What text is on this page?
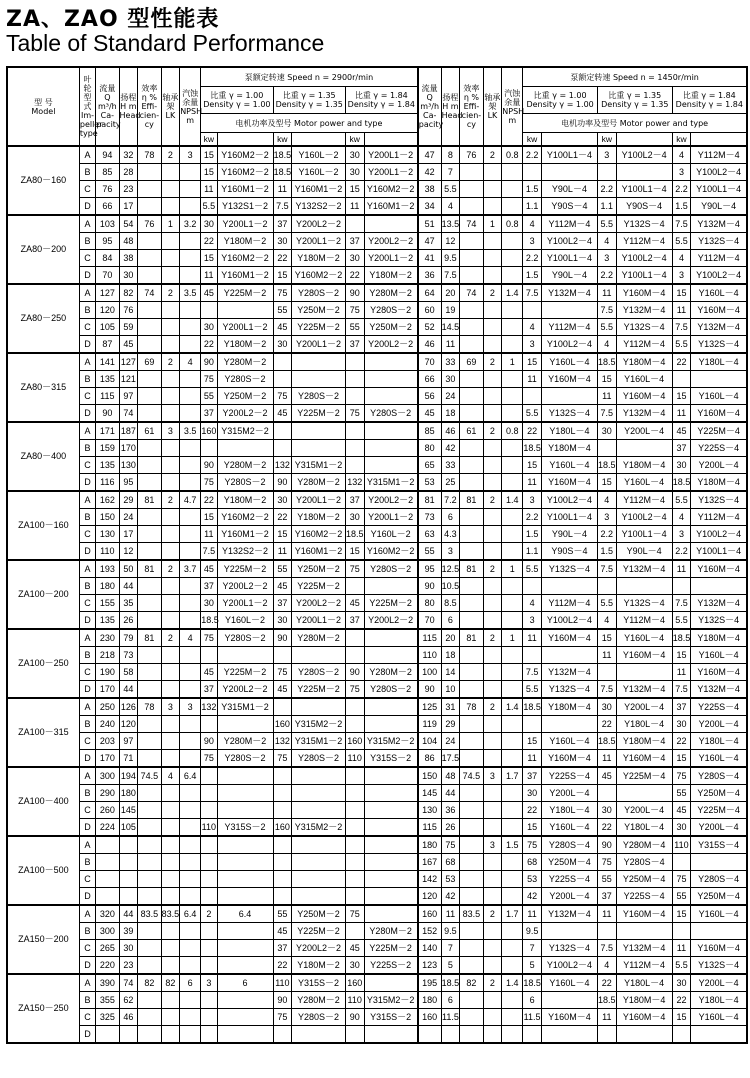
ZA、ZAO 型性能表
Table of Standard Performance
型 号
Model	叶轮型式 Im-peller type	流量 Q m³/h Ca-pacity	扬程 H m Head	效率 η % Effi-cien-cy	轴承架 LK	汽蚀余量 NPSH m	泵额定转速 Speed n = 2900r/min						流量 Q m³/h Ca-pacity	扬程 H m Head	效率 η % Effi-cien-cy	轴承架 LK	汽蚀余量 NPSH m	泵额定转速 Speed n = 1450r/min					
							比重 γ = 1.00 Density γ = 1.00		比重 γ = 1.35 Density γ = 1.35		比重 γ = 1.84 Density γ = 1.84							比重 γ = 1.00 Density γ = 1.00		比重 γ = 1.35 Density γ = 1.35		比重 γ = 1.84 Density γ = 1.84	
							电机功率及型号 Motor power and type											电机功率及型号 Motor power and type					
							kw		kw		kw							kw		kw		kw	
ZA80－160	A	94	32	78	2	3	15	Y160M2－2	18.5	Y160L－2	30	Y200L1－2	47	8	76	2	0.8	2.2	Y100L1－4	3	Y100L2－4	4	Y112M－4
	B	85	28				15	Y160M2－2	18.5	Y160L－2	30	Y200L1－2	42	7								3	Y100L2－4
	C	76	23				11	Y160M1－2	11	Y160M1－2	15	Y160M2－2	38	5.5				1.5	Y90L－4	2.2	Y100L1－4	2.2	Y100L1－4
	D	66	17				5.5	Y132S1－2	7.5	Y132S2－2	11	Y160M1－2	34	4				1.1	Y90S－4	1.1	Y90S－4	1.5	Y90L－4
ZA80－200	A	103	54	76	1	3.2	30	Y200L1－2	37	Y200L2－2			51	13.5	74	1	0.8	4	Y112M－4	5.5	Y132S－4	7.5	Y132M－4
	B	95	48				22	Y180M－2	30	Y200L1－2	37	Y200L2－2	47	12				3	Y100L2－4	4	Y112M－4	5.5	Y132S－4
	C	84	38				15	Y160M2－2	22	Y180M－2	30	Y200L1－2	41	9.5				2.2	Y100L1－4	3	Y100L2－4	4	Y112M－4
	D	70	30				11	Y160M1－2	15	Y160M2－2	22	Y180M－2	36	7.5				1.5	Y90L－4	2.2	Y100L1－4	3	Y100L2－4
ZA80－250	A	127	82	74	2	3.5	45	Y225M－2	75	Y280S－2	90	Y280M－2	64	20	74	2	1.4	7.5	Y132M－4	11	Y160M－4	15	Y160L－4
	B	120	76						55	Y250M－2	75	Y280S－2	60	19						7.5	Y132M－4	11	Y160M－4
	C	105	59				30	Y200L1－2	45	Y225M－2	55	Y250M－2	52	14.5				4	Y112M－4	5.5	Y132S－4	7.5	Y132M－4
	D	87	45				22	Y180M－2	30	Y200L1－2	37	Y200L2－2	46	11				3	Y100L2－4	4	Y112M－4	5.5	Y132S－4
ZA80－315	A	141	127	69	2	4	90	Y280M－2					70	33	69	2	1	15	Y160L－4	18.5	Y180M－4	22	Y180L－4
	B	135	121				75	Y280S－2					66	30				11	Y160M－4	15	Y160L－4		
	C	115	97				55	Y250M－2	75	Y280S－2			56	24						11	Y160M－4	15	Y160L－4
	D	90	74				37	Y200L2－2	45	Y225M－2	75	Y280S－2	45	18				5.5	Y132S－4	7.5	Y132M－4	11	Y160M－4
ZA80－400	A	171	187	61	3	3.5	160	Y315M2－2					85	46	61	2	0.8	22	Y180L－4	30	Y200L－4	45	Y225M－4
	B	159	170										80	42				18.5	Y180M－4			37	Y225S－4
	C	135	130				90	Y280M－2	132	Y315M1－2			65	33				15	Y160L－4	18.5	Y180M－4	30	Y200L－4
	D	116	95				75	Y280S－2	90	Y280M－2	132	Y315M1－2	53	25				11	Y160M－4	15	Y160L－4	18.5	Y180M－4
ZA100－160	A	162	29	81	2	4.7	22	Y180M－2	30	Y200L1－2	37	Y200L2－2	81	7.2	81	2	1.4	3	Y100L2－4	4	Y112M－4	5.5	Y132S－4
	B	150	24				15	Y160M2－2	22	Y180M－2	30	Y200L1－2	73	6				2.2	Y100L1－4	3	Y100L2－4	4	Y112M－4
	C	130	17				11	Y160M1－2	15	Y160M2－2	18.5	Y160L－2	63	4.3				1.5	Y90L－4	2.2	Y100L1－4	3	Y100L2－4
	D	110	12				7.5	Y132S2－2	11	Y160M1－2	15	Y160M2－2	55	3				1.1	Y90S－4	1.5	Y90L－4	2.2	Y100L1－4
ZA100－200	A	193	50	81	2	3.7	45	Y225M－2	55	Y250M－2	75	Y280S－2	95	12.5	81	2	1	5.5	Y132S－4	7.5	Y132M－4	11	Y160M－4
	B	180	44				37	Y200L2－2	45	Y225M－2			90	10.5									
	C	155	35				30	Y200L1－2	37	Y200L2－2	45	Y225M－2	80	8.5				4	Y112M－4	5.5	Y132S－4	7.5	Y132M－4
	D	135	26				18.5	Y160L－2	30	Y200L1－2	37	Y200L2－2	70	6				3	Y100L2－4	4	Y112M－4	5.5	Y132S－4
ZA100－250	A	230	79	81	2	4	75	Y280S－2	90	Y280M－2			115	20	81	2	1	11	Y160M－4	15	Y160L－4	18.5	Y180M－4
	B	218	73										110	18						11	Y160M－4	15	Y160L－4
	C	190	58				45	Y225M－2	75	Y280S－2	90	Y280M－2	100	14				7.5	Y132M－4			11	Y160M－4
	D	170	44				37	Y200L2－2	45	Y225M－2	75	Y280S－2	90	10				5.5	Y132S－4	7.5	Y132M－4	7.5	Y132M－4
ZA100－315	A	250	126	78	3	3	132	Y315M1－2					125	31	78	2	1.4	18.5	Y180M－4	30	Y200L－4	37	Y225S－4
	B	240	120						160	Y315M2－2			119	29						22	Y180L－4	30	Y200L－4
	C	203	97				90	Y280M－2	132	Y315M1－2	160	Y315M2－2	104	24				15	Y160L－4	18.5	Y180M－4	22	Y180L－4
	D	170	71				75	Y280S－2	75	Y280S－2	110	Y315S－2	86	17.5				11	Y160M－4	11	Y160M－4	15	Y160L－4
ZA100－400	A	300	194	74.5	4	6.4							150	48	74.5	3	1.7	37	Y225S－4	45	Y225M－4	75	Y280S－4
	B	290	180										145	44				30	Y200L－4			55	Y250M－4
	C	260	145										130	36				22	Y180L－4	30	Y200L－4	45	Y225M－4
	D	224	105				110	Y315S－2	160	Y315M2－2			115	26				15	Y160L－4	22	Y180L－4	30	Y200L－4
ZA100－500	A												180	75		3	1.5	75	Y280S－4	90	Y280M－4	110	Y315S－4
	B												167	68				68	Y250M－4	75	Y280S－4		
	C												142	53				53	Y225S－4	55	Y250M－4	75	Y280S－4
	D												120	42				42	Y200L－4	37	Y225S－4	55	Y250M－4
ZA150－200	A	320	44	83.5	83.5	6.4	2	6.4	55	Y250M－2	75		160	11	83.5	2	1.7	11	Y132M－4	11	Y160M－4	15	Y160L－4
	B	300	39						45	Y225M－2		Y280M－2	152	9.5				9.5					
	C	265	30						37	Y200L2－2	45	Y225M－2	140	7				7	Y132S－4	7.5	Y132M－4	11	Y160M－4
	D	220	23						22	Y180M－2	30	Y225S－2	123	5				5	Y100L2－4	4	Y112M－4	5.5	Y132S－4
ZA150－250	A	390	74	82	82	6	3	6	110	Y315S－2	160		195	18.5	82	2	1.4	18.5	Y160L－4	22	Y180L－4	30	Y200L－4
	B	355	62						90	Y280M－2	110	Y315M2－2	180	6				6		18.5	Y180M－4	22	Y180L－4
	C	325	46						75	Y280S－2	90	Y315S－2	160	11.5				11.5	Y160M－4	11	Y160M－4	15	Y160L－4
	D																						
